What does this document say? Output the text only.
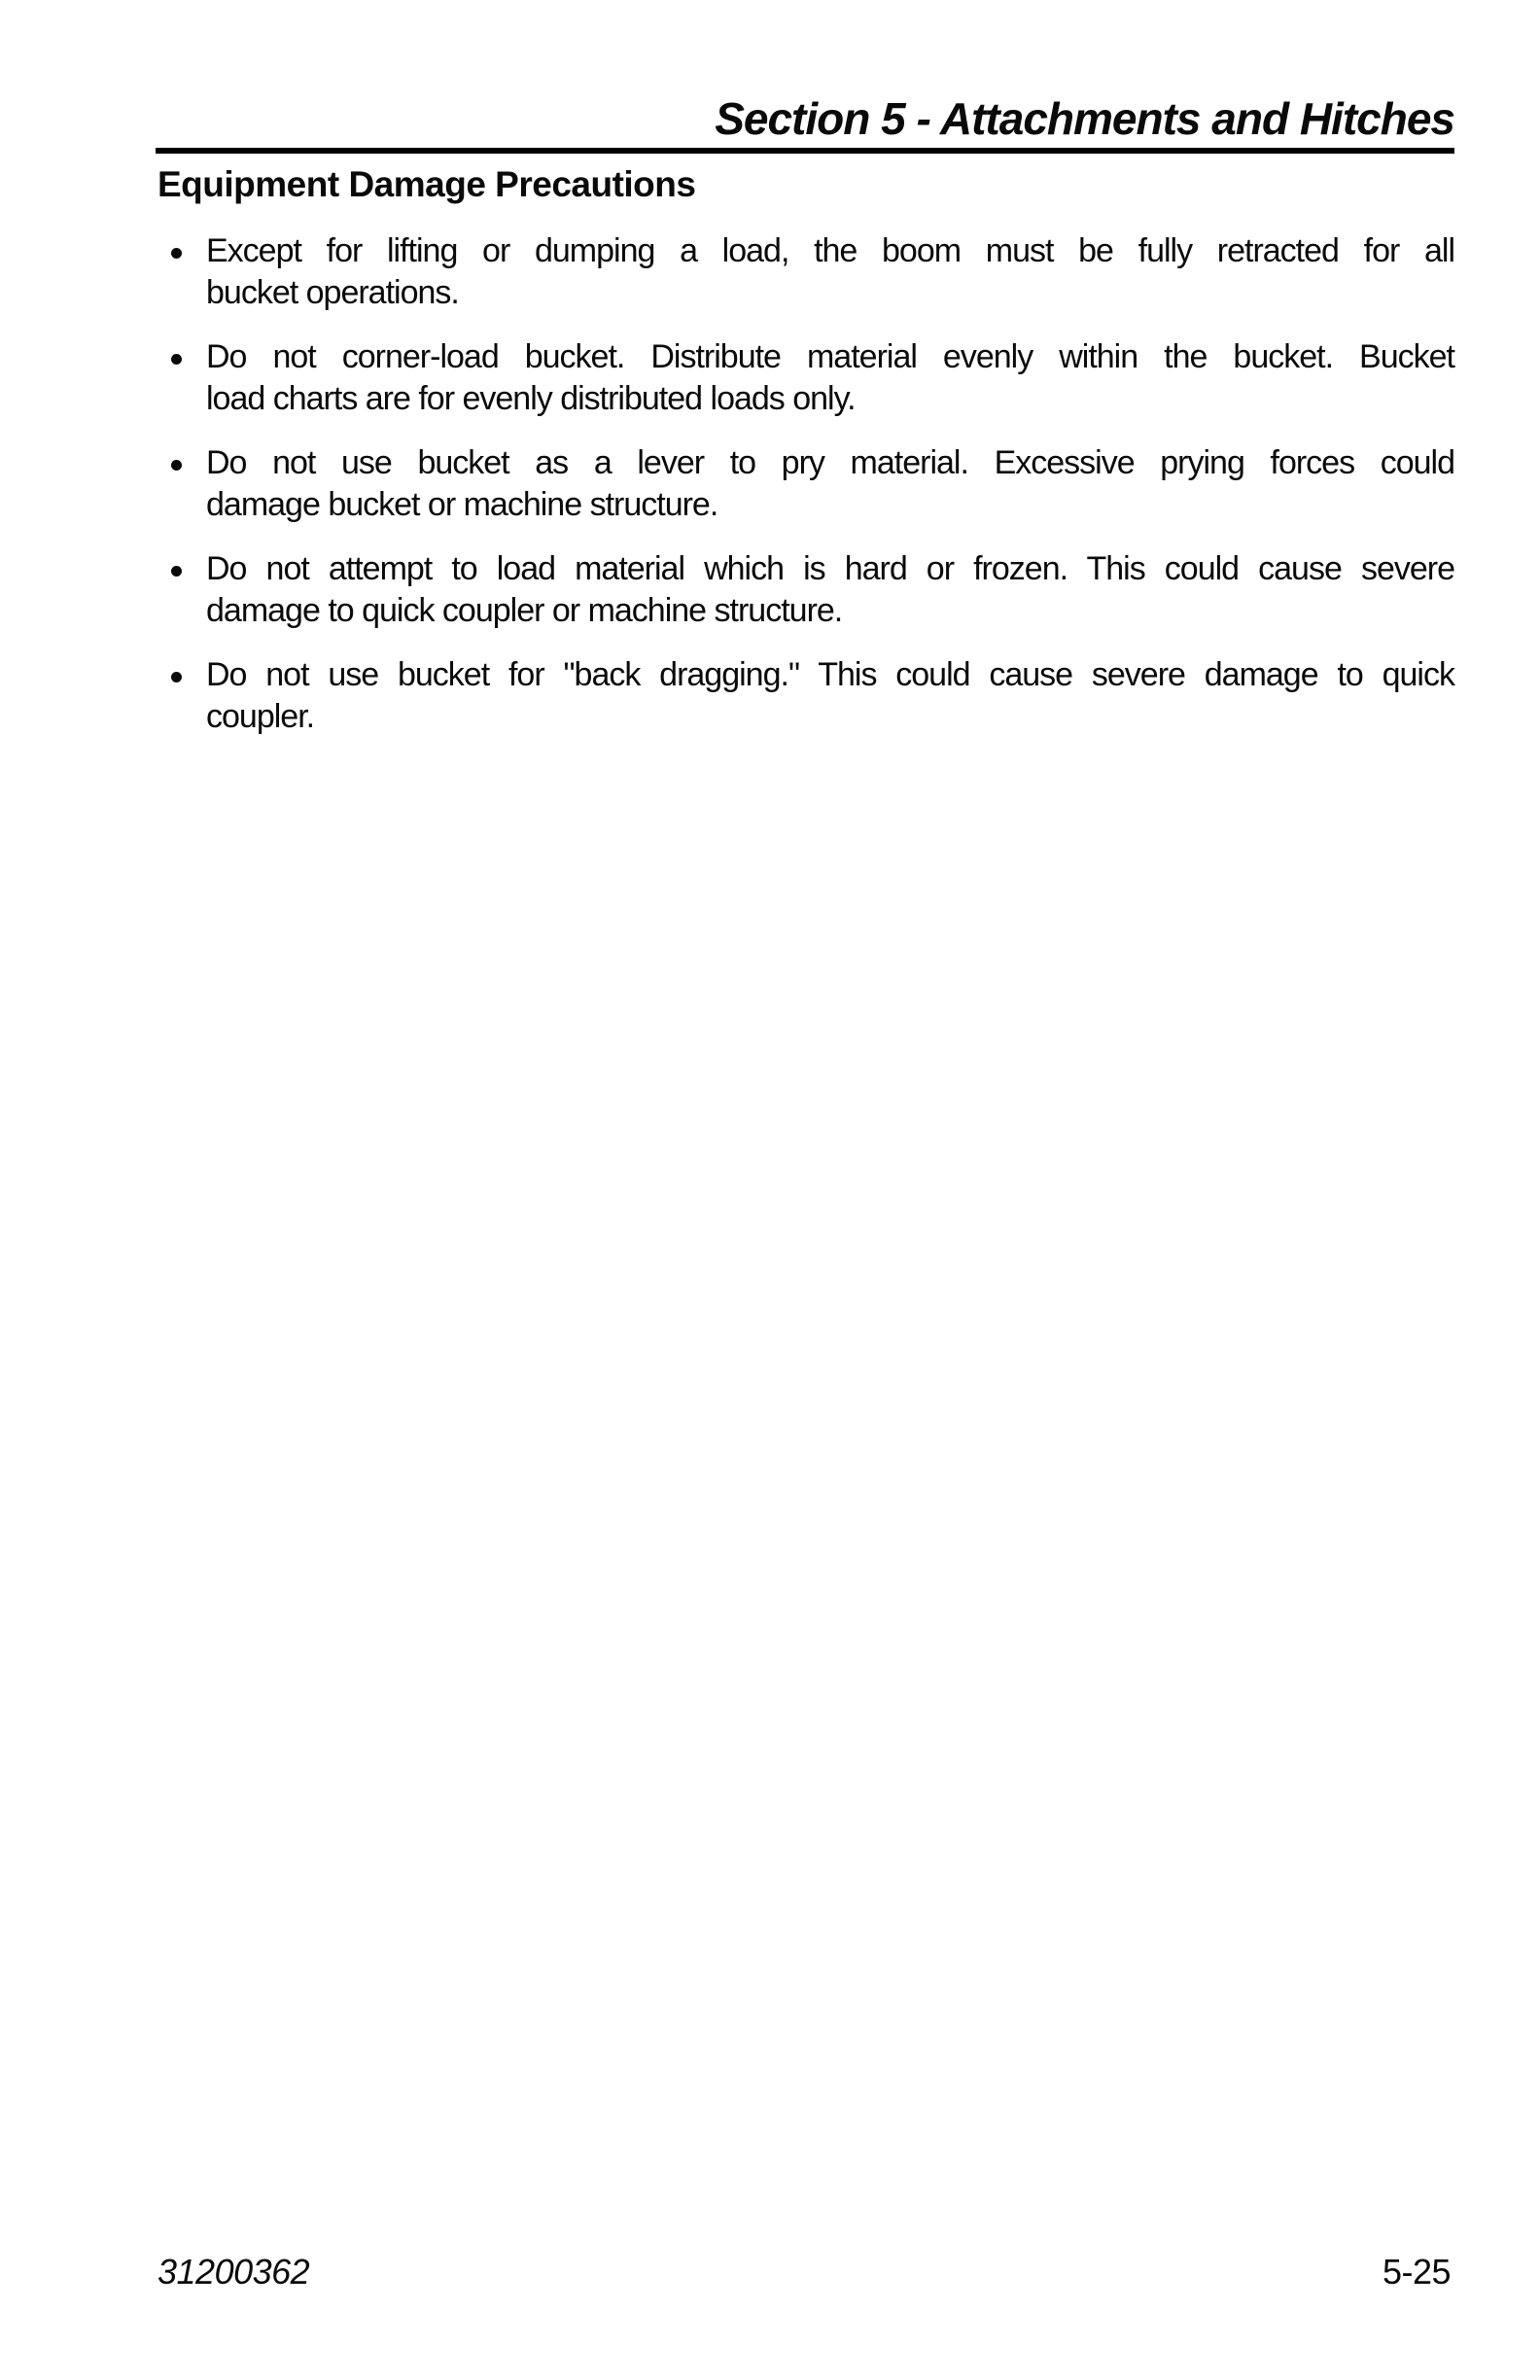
Section 5 - Attachments and Hitches
Equipment Damage Precautions
Except for lifting or dumping a load, the boom must be fully retracted for all
bucket operations.
Do not corner-load bucket. Distribute material evenly within the bucket. Bucket
load charts are for evenly distributed loads only.
Do not use bucket as a lever to pry material. Excessive prying forces could
damage bucket or machine structure.
Do not attempt to load material which is hard or frozen. This could cause severe
damage to quick coupler or machine structure.
Do not use bucket for "back dragging." This could cause severe damage to quick
coupler.
31200362	5-25
